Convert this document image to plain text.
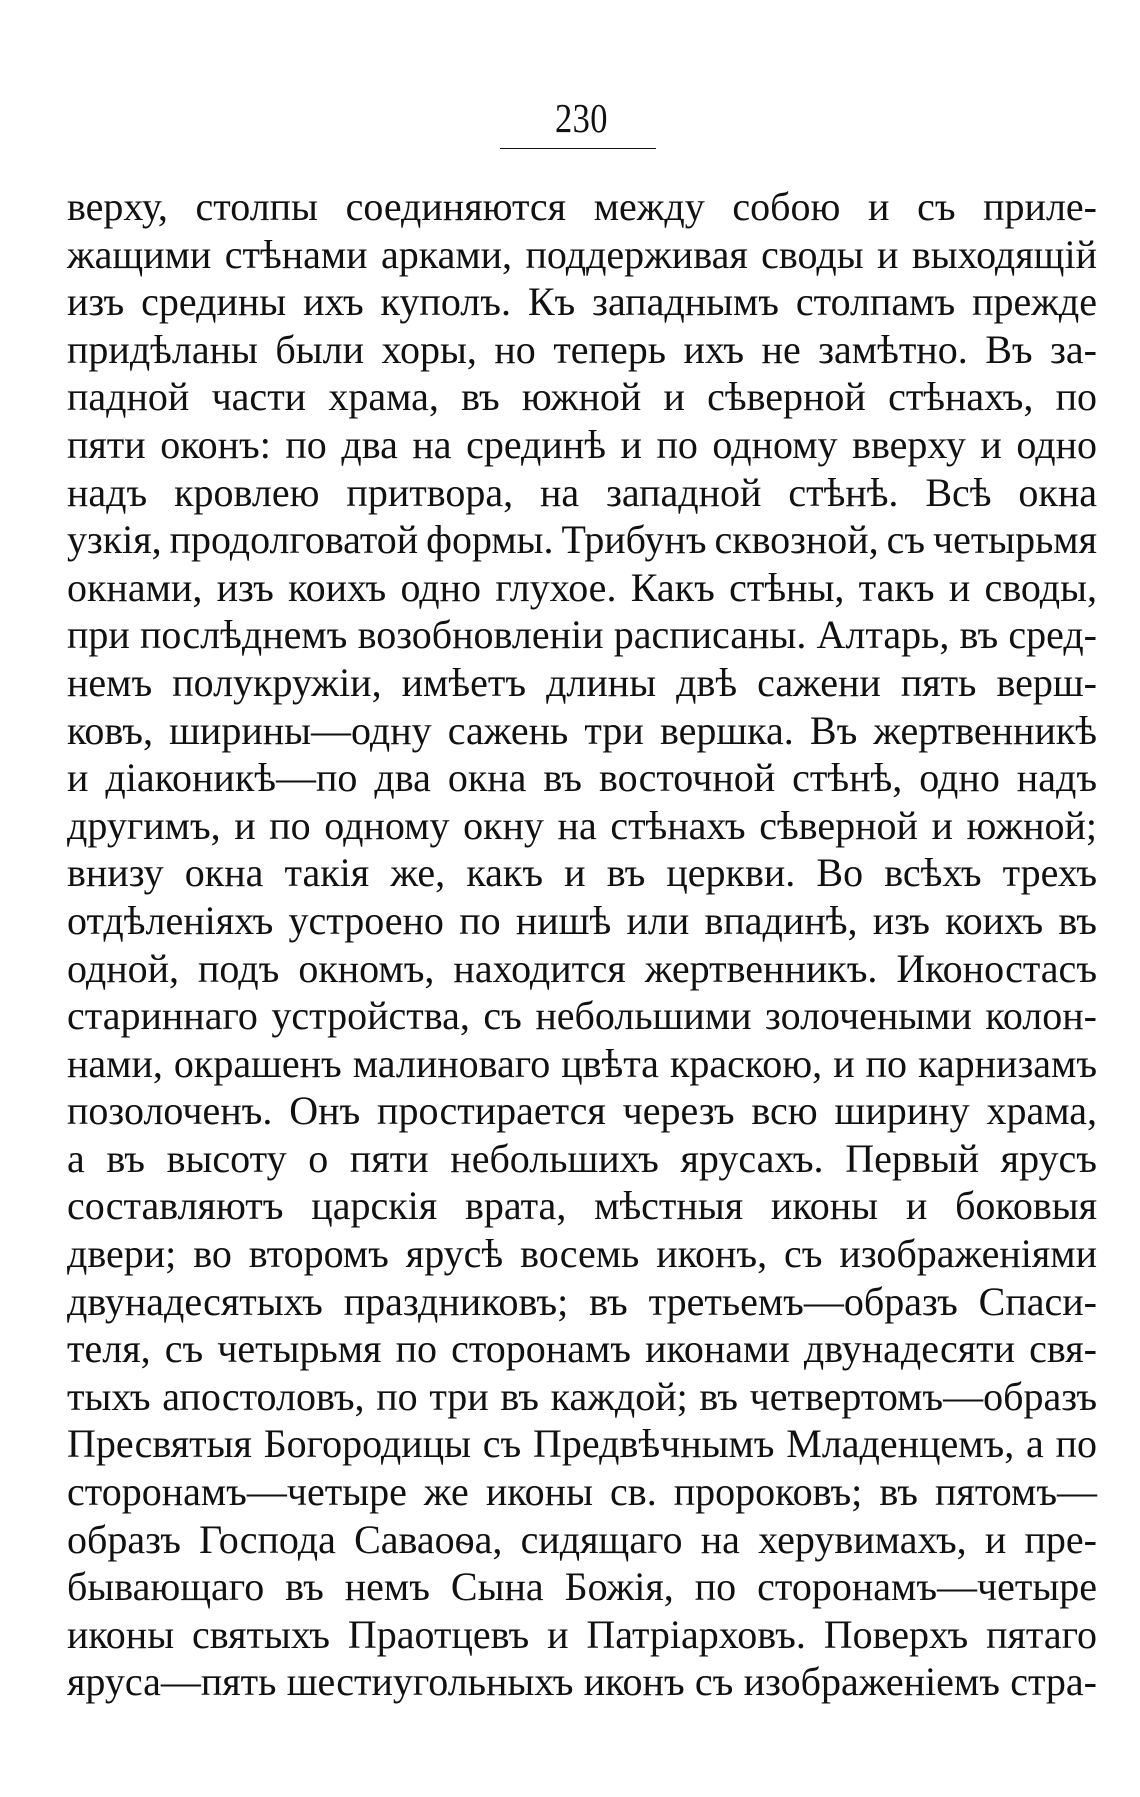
230
верху, столпы соединяются между собою и съ приле-
жащими стѣнами арками, поддерживая своды и выходящій
изъ средины ихъ куполъ. Къ западнымъ столпамъ прежде
придѣланы были хоры, но теперь ихъ не замѣтно. Въ за-
падной части храма, въ южной и сѣверной стѣнахъ, по
пяти оконъ: по два на срединѣ и по одному вверху и одно
надъ кровлею притвора, на западной стѣнѣ. Всѣ окна
узкія, продолговатой формы. Трибунъ сквозной, съ четырьмя
окнами, изъ коихъ одно глухое. Какъ стѣны, такъ и своды,
при послѣднемъ возобновленіи расписаны. Алтарь, въ сред-
немъ полукружіи, имѣетъ длины двѣ сажени пять верш-
ковъ, ширины—одну сажень три вершка. Въ жертвенникѣ
и діаконикѣ—по два окна въ восточной стѣнѣ, одно надъ
другимъ, и по одному окну на стѣнахъ сѣверной и южной;
внизу окна такія же, какъ и въ церкви. Во всѣхъ трехъ
отдѣленіяхъ устроено по нишѣ или впадинѣ, изъ коихъ въ
одной, подъ окномъ, находится жертвенникъ. Иконостасъ
стариннаго устройства, съ небольшими золочеными колон-
нами, окрашенъ малиноваго цвѣта краскою, и по карнизамъ
позолоченъ. Онъ простирается черезъ всю ширину храма,
а въ высоту о пяти небольшихъ ярусахъ. Первый ярусъ
составляютъ царскія врата, мѣстныя иконы и боковыя
двери; во второмъ ярусѣ восемь иконъ, съ изображеніями
двунадесятыхъ праздниковъ; въ третьемъ—образъ Спаси-
теля, съ четырьмя по сторонамъ иконами двунадесяти свя-
тыхъ апостоловъ, по три въ каждой; въ четвертомъ—образъ
Пресвятыя Богородицы съ Предвѣчнымъ Младенцемъ, а по
сторонамъ—четыре же иконы св. пророковъ; въ пятомъ—
образъ Господа Саваоѳа, сидящаго на херувимахъ, и пре-
бывающаго въ немъ Сына Божія, по сторонамъ—четыре
иконы святыхъ Праотцевъ и Патріарховъ. Поверхъ пятаго
яруса—пять шестиугольныхъ иконъ съ изображеніемъ стра-
